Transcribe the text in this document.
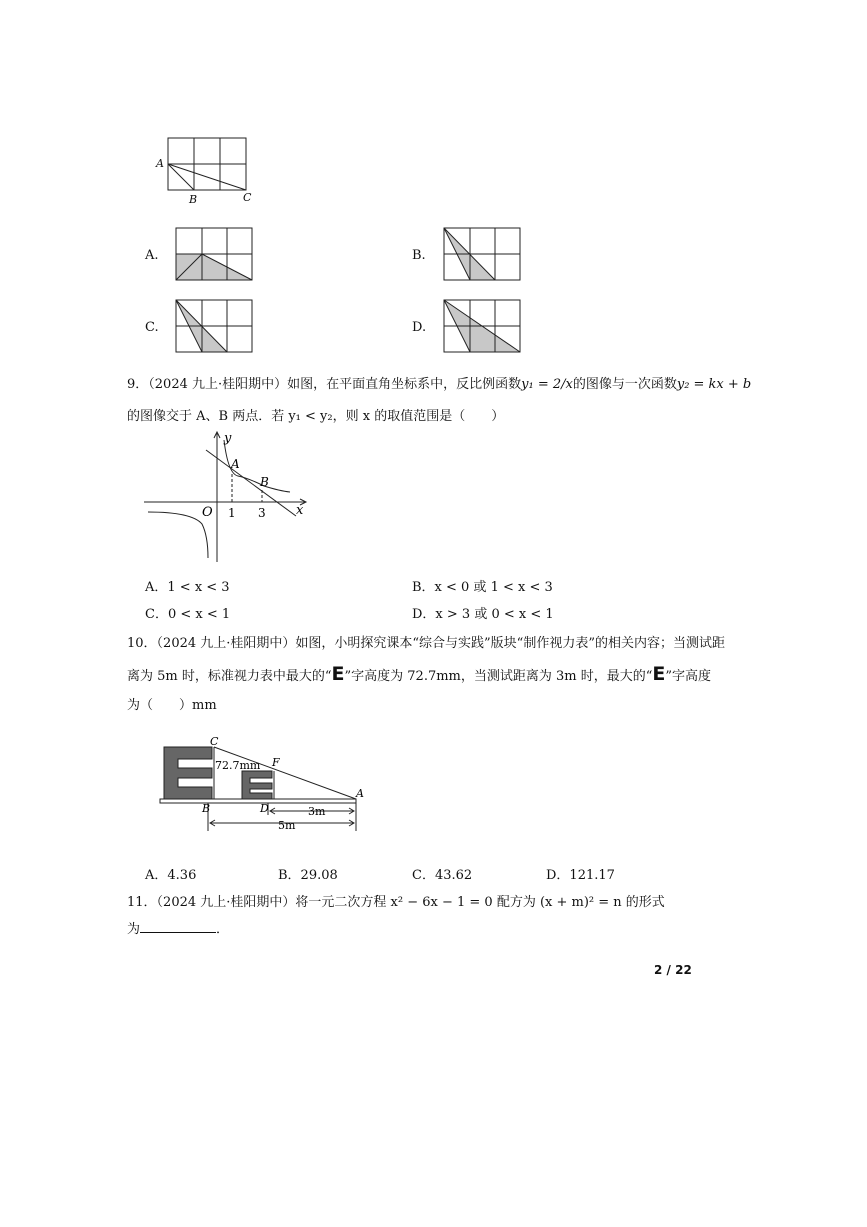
A
B	C
A.	B.
C.	D.
9．（2024 九上·桂阳期中）如图，在平面直角坐标系中，反比例函数y₁ = 2/x的图像与一次函数y₂ = kx + b
的图像交于 A、B 两点．若 y₁ < y₂，则 x 的取值范围是（　　）
y
x
O
A
B
1 3
A．1 < x < 3	B．x < 0 或 1 < x < 3
C．0 < x < 1	D．x > 3 或 0 < x < 1
10．（2024 九上·桂阳期中）如图，小明探究课本“综合与实践”版块“制作视力表”的相关内容；当测试距
离为 5m 时，标准视力表中最大的“E”字高度为 72.7mm，当测试距离为 3m 时，最大的“E”字高度
为（　　）mm
C
F
B	D
A
72.7mm
3m
5m
A．4.36	B．29.08	C．43.62	D．121.17
11．（2024 九上·桂阳期中）将一元二次方程 x² − 6x − 1 = 0 配方为 (x + m)² = n 的形式
为	．
2 / 22
